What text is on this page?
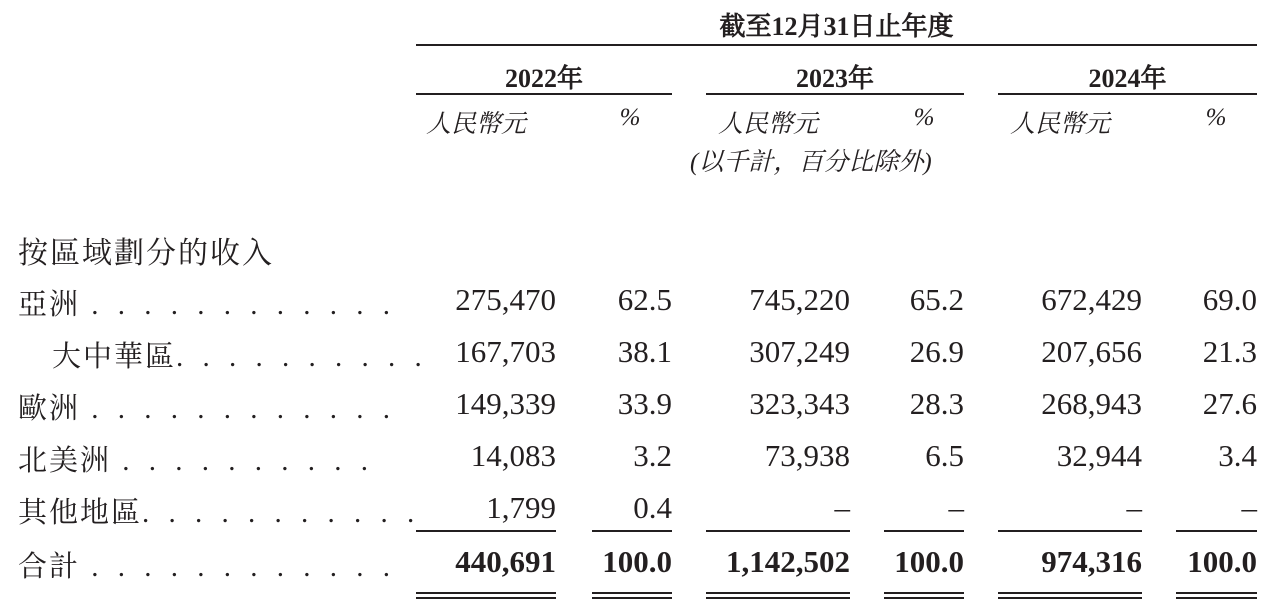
截至12月31日止年度
2022年	2023年	2024年
人民幣元	%	人民幣元	%	人民幣元	%
(以千計，百分比除外)
按區域劃分的收入
亞洲 . . . . . . . . . . . .	275,470	62.5	745,220	65.2	672,429	69.0
大中華區. . . . . . . . . . 167,703	38.1	307,249	26.9	207,656	21.3
歐洲 . . . . . . . . . . . .	149,339	33.9	323,343	28.3	268,943	27.6
北美洲 . . . . . . . . . .	14,083	3.2	73,938	6.5	32,944	3.4
其他地區. . . . . . . . . . .	1,799	0.4	–	–	–	–
合計 . . . . . . . . . . . .	440,691	100.0	1,142,502	100.0	974,316	100.0
